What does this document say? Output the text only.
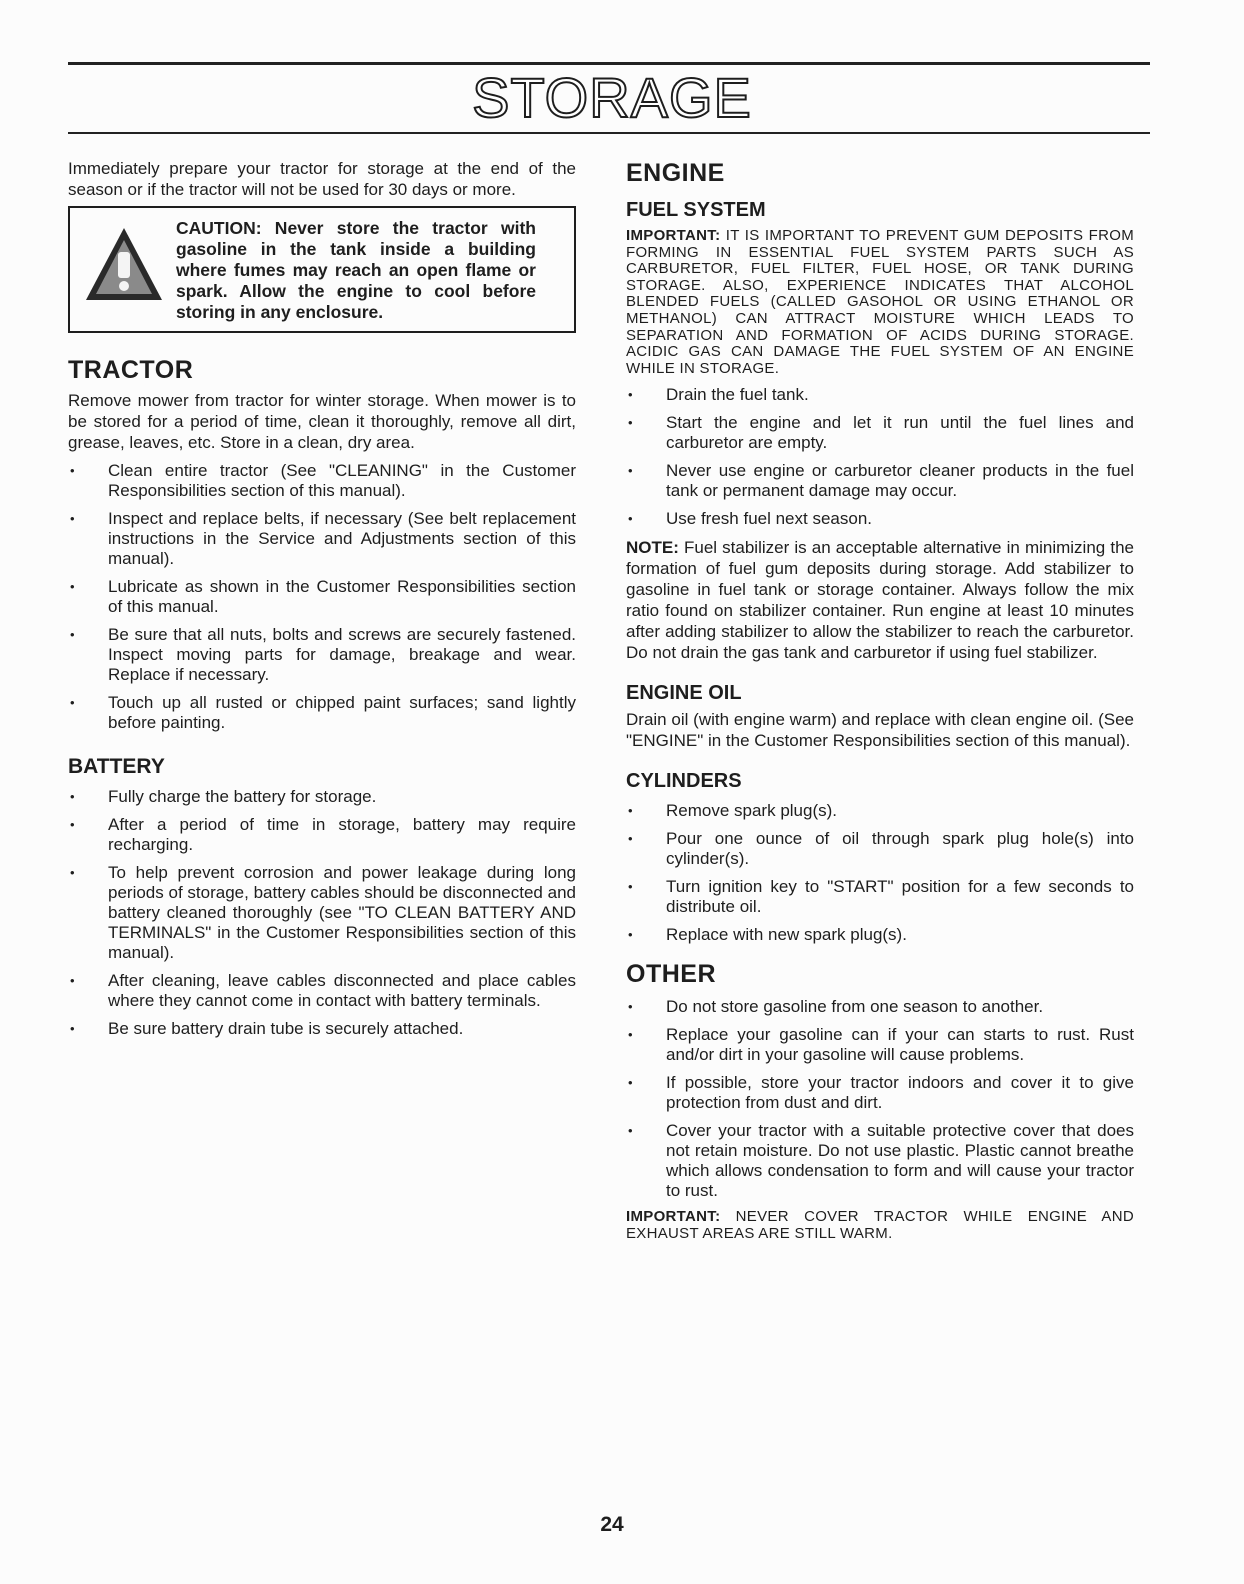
STORAGE

Immediately prepare your tractor for storage at the end of the season or if the tractor will not be used for 30 days or more.

CAUTION: Never store the tractor with gasoline in the tank inside a building where fumes may reach an open flame or spark. Allow the engine to cool before storing in any enclosure.
TRACTOR

Remove mower from tractor for winter storage. When mower is to be stored for a period of time, clean it thoroughly, remove all dirt, grease, leaves, etc. Store in a clean, dry area.

• Clean entire tractor (See "CLEANING" in the Customer Responsibilities section of this manual).
• Inspect and replace belts, if necessary (See belt replacement instructions in the Service and Adjustments section of this manual).
• Lubricate as shown in the Customer Responsibilities section of this manual.
• Be sure that all nuts, bolts and screws are securely fastened. Inspect moving parts for damage, breakage and wear. Replace if necessary.
• Touch up all rusted or chipped paint surfaces; sand lightly before painting.
BATTERY
• Fully charge the battery for storage.
• After a period of time in storage, battery may require recharging.
• To help prevent corrosion and power leakage during long periods of storage, battery cables should be disconnected and battery cleaned thoroughly (see "TO CLEAN BATTERY AND TERMINALS" in the Customer Responsibilities section of this manual).
• After cleaning, leave cables disconnected and place cables where they cannot come in contact with battery terminals.
• Be sure battery drain tube is securely attached.
ENGINE
FUEL SYSTEM

IMPORTANT: IT IS IMPORTANT TO PREVENT GUM DEPOSITS FROM FORMING IN ESSENTIAL FUEL SYSTEM PARTS SUCH AS CARBURETOR, FUEL FILTER, FUEL HOSE, OR TANK DURING STORAGE. ALSO, EXPERIENCE INDICATES THAT ALCOHOL BLENDED FUELS (CALLED GASOHOL OR USING ETHANOL OR METHANOL) CAN ATTRACT MOISTURE WHICH LEADS TO SEPARATION AND FORMATION OF ACIDS DURING STORAGE. ACIDIC GAS CAN DAMAGE THE FUEL SYSTEM OF AN ENGINE WHILE IN STORAGE.

• Drain the fuel tank.
• Start the engine and let it run until the fuel lines and carburetor are empty.
• Never use engine or carburetor cleaner products in the fuel tank or permanent damage may occur.
• Use fresh fuel next season.

NOTE: Fuel stabilizer is an acceptable alternative in minimizing the formation of fuel gum deposits during storage. Add stabilizer to gasoline in fuel tank or storage container. Always follow the mix ratio found on stabilizer container. Run engine at least 10 minutes after adding stabilizer to allow the stabilizer to reach the carburetor. Do not drain the gas tank and carburetor if using fuel stabilizer.

ENGINE OIL

Drain oil (with engine warm) and replace with clean engine oil. (See "ENGINE" in the Customer Responsibilities section of this manual).

CYLINDERS
• Remove spark plug(s).
• Pour one ounce of oil through spark plug hole(s) into cylinder(s).
• Turn ignition key to "START" position for a few seconds to distribute oil.
• Replace with new spark plug(s).
OTHER
• Do not store gasoline from one season to another.
• Replace your gasoline can if your can starts to rust. Rust and/or dirt in your gasoline will cause problems.
• If possible, store your tractor indoors and cover it to give protection from dust and dirt.
• Cover your tractor with a suitable protective cover that does not retain moisture. Do not use plastic. Plastic cannot breathe which allows condensation to form and will cause your tractor to rust.

IMPORTANT: NEVER COVER TRACTOR WHILE ENGINE AND EXHAUST AREAS ARE STILL WARM.

24
